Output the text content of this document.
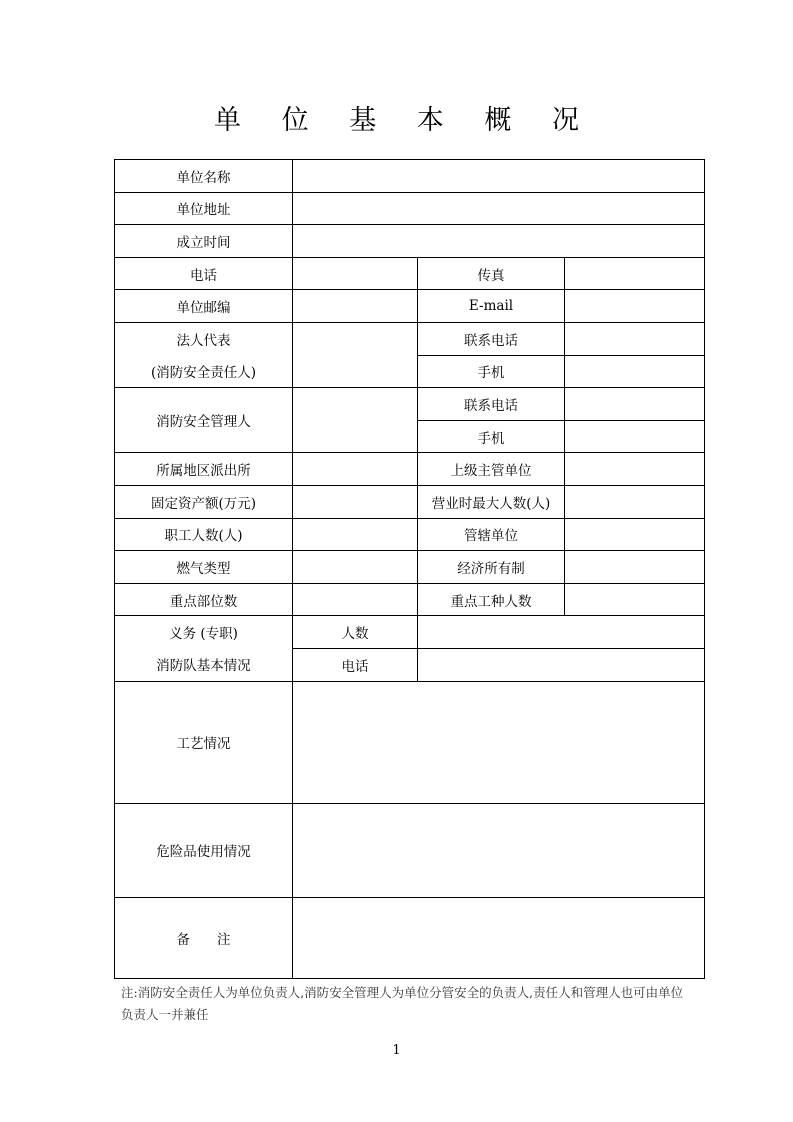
单 位 基 本 概 况
单位名称			
单位地址			
成立时间			
电话		传真	
单位邮编		E-mail	

法人代表
(消防安全责任人)		联系电话	
		手机	
消防安全管理人		联系电话	
		手机	
所属地区派出所		上级主管单位	
固定资产额(万元)		营业时最大人数(人)	
职工人数(人)		管辖单位	
燃气类型		经济所有制	
重点部位数		重点工种人数	

义务 (专职)
消防队基本情况	人数		
	电话		
工艺情况			
危险品使用情况			
备　　注			
注:消防安全责任人为单位负责人,消防安全管理人为单位分管安全的负责人,责任人和管理人也可由单位负责人一并兼任
1
